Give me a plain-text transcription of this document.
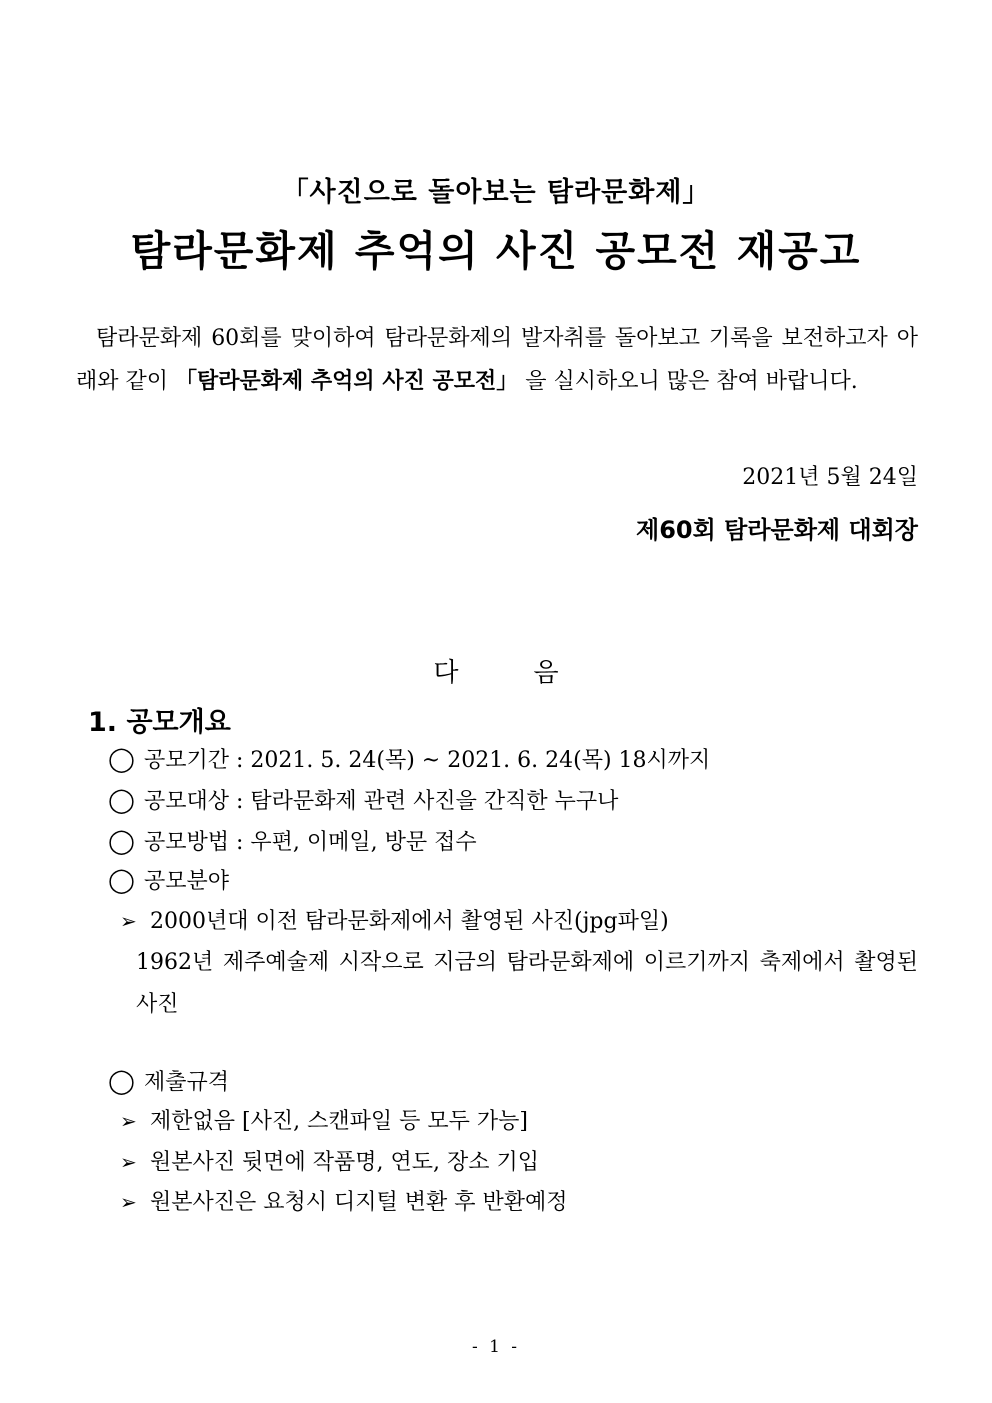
「사진으로 돌아보는 탐라문화제」
탐라문화제 추억의 사진 공모전 재공고
탐라문화제 60회를 맞이하여 탐라문화제의 발자취를 돌아보고 기록을 보전하고자 아래와 같이 「탐라문화제 추억의 사진 공모전」 을 실시하오니 많은 참여 바랍니다.
2021년 5월 24일
제60회 탐라문화제 대회장
다음
1. 공모개요
◯ 공모기간 : 2021. 5. 24(목) ~ 2021. 6. 24(목) 18시까지
◯ 공모대상 : 탐라문화제 관련 사진을 간직한 누구나
◯ 공모방법 : 우편, 이메일, 방문 접수
◯ 공모분야
➢ 2000년대 이전 탐라문화제에서 촬영된 사진(jpg파일)
1962년 제주예술제 시작으로 지금의 탐라문화제에 이르기까지 축제에서 촬영된 사진
◯ 제출규격
➢ 제한없음 [사진, 스캔파일 등 모두 가능]
➢ 원본사진 뒷면에 작품명, 연도, 장소 기입
➢ 원본사진은 요청시 디지털 변환 후 반환예정
- 1 -
